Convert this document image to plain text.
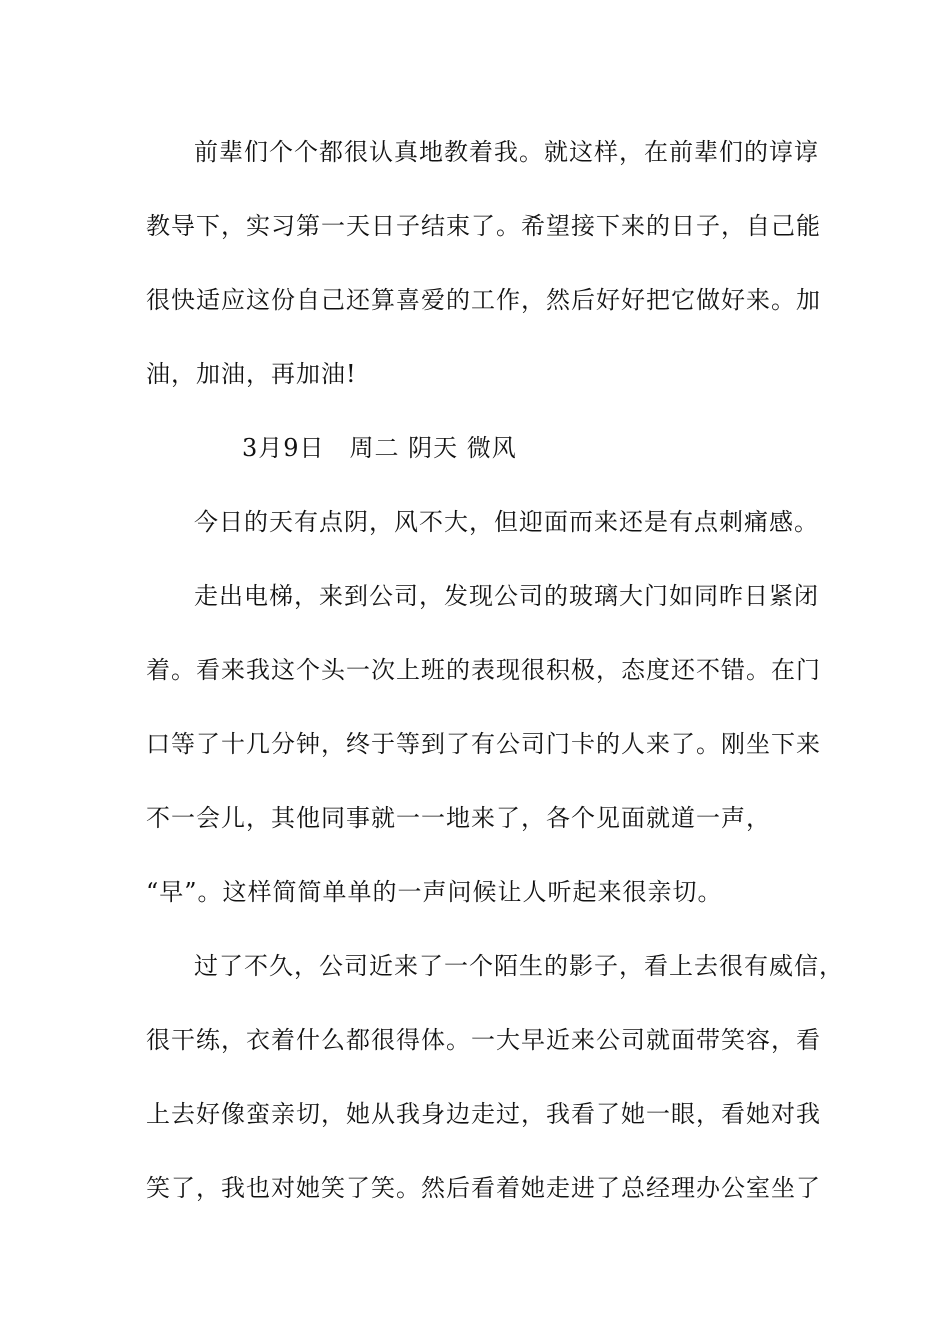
前辈们个个都很认真地教着我。就这样，在前辈们的谆谆
教导下，实习第一天日子结束了。希望接下来的日子，自己能
很快适应这份自己还算喜爱的工作，然后好好把它做好来。加
油，加油，再加油!
3月9日　周二 阴天 微风
今日的天有点阴，风不大，但迎面而来还是有点刺痛感。
走出电梯，来到公司，发现公司的玻璃大门如同昨日紧闭
着。看来我这个头一次上班的表现很积极，态度还不错。在门
口等了十几分钟，终于等到了有公司门卡的人来了。刚坐下来
不一会儿，其他同事就一一地来了，各个见面就道一声，
“早”。这样简简单单的一声问候让人听起来很亲切。
过了不久，公司近来了一个陌生的影子，看上去很有威信，
很干练，衣着什么都很得体。一大早近来公司就面带笑容，看
上去好像蛮亲切，她从我身边走过，我看了她一眼，看她对我
笑了，我也对她笑了笑。然后看着她走进了总经理办公室坐了
